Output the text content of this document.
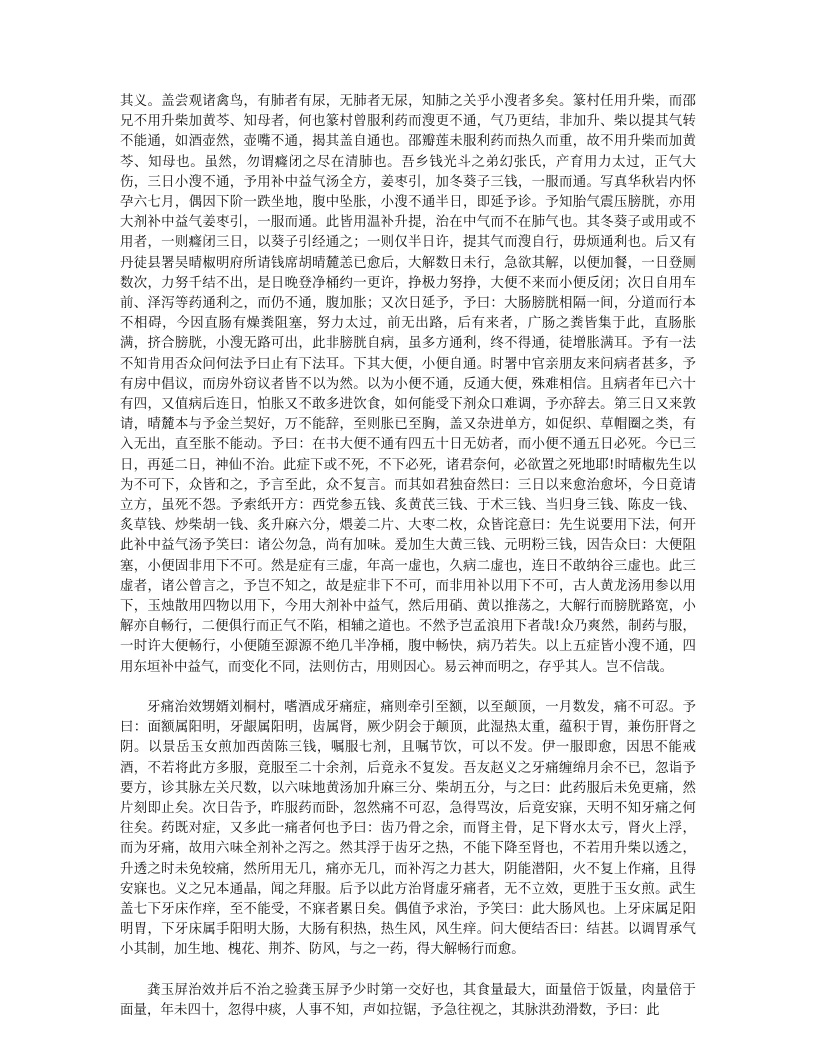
其义。盖尝观诸禽鸟，有肺者有尿，无肺者无尿，知肺之关乎小溲者多矣。篆村任用升柴，而邵兄不用升柴加黄芩、知母者，何也篆村曾服利药而溲更不通，气乃更结，非加升、柴以提其气转不能通，如酒壶然，壶嘴不通，揭其盖自通也。邵瓣莲未服利药而热久而重，故不用升柴而加黄芩、知母也。虽然，勿谓癃闭之尽在清肺也。吾乡钱光斗之弟幻张氏，产育用力太过，正气大伤，三日小溲不通，予用补中益气汤全方，姜枣引，加冬葵子三钱，一服而通。写真华秋岩内怀孕六七月，偶因下阶一跌坐地，腹中坠胀，小溲不通半日，即延予诊。予知胎气震压膀胱，亦用大剂补中益气姜枣引，一服而通。此皆用温补升提，治在中气而不在肺气也。其冬葵子或用或不用者，一则癃闭三日，以葵子引经通之；一则仅半日许，提其气而溲自行，毋烦通利也。后又有丹徒县署吴晴椒明府所请钱席胡晴麓恙已愈后，大解数日未行，急欲其解，以便加餐，一日登厕数次，力努千结不出，是日晚登净桶约一更许，挣极力努挣，大便不来而小便反闭；次日自用车前、泽泻等药通利之，而仍不通，腹加胀；又次日延予，予曰：大肠膀胱相隔一间，分道而行本不相碍，今因直肠有燥粪阻塞，努力太过，前无出路，后有来者，广肠之粪皆集于此，直肠胀满，挤合膀胱，小溲无路可出，此非膀胱自病，虽多方通利，终不得通，徒增胀满耳。予有一法不知肯用否众问何法予曰止有下法耳。下其大便，小便自通。时署中官亲朋友来问病者甚多，予有房中倡议，而房外窃议者皆不以为然。以为小便不通，反通大便，殊难相信。且病者年已六十有四，又值病后连日，怕胀又不敢多进饮食，如何能受下剂众口难调，予亦辞去。第三日又来敦请，晴麓本与予金兰契好，万不能辞，至则胀已至胸，盖又杂进单方，如促织、草帽圈之类，有入无出，直至胀不能动。予曰：在书大便不通有四五十日无妨者，而小便不通五日必死。今已三日，再延二日，神仙不治。此症下或不死，不下必死，诸君奈何，必欲置之死地耶!时晴椒先生以为不可下，众皆和之，予言至此，众不复言。而其如君独奋然曰：三日以来愈治愈坏，今日竟请立方，虽死不怨。予索纸开方：西党参五钱、炙黄芪三钱、于术三钱、当归身三钱、陈皮一钱、炙草钱、炒柴胡一钱、炙升麻六分，煨姜二片、大枣二枚，众皆诧意曰：先生说要用下法，何开此补中益气汤予笑曰：诸公勿急，尚有加味。爰加生大黄三钱、元明粉三钱，因告众曰：大便阻塞，小便固非用下不可。然是症有三虚，年高一虚也，久病二虚也，连日不敢纳谷三虚也。此三虚者，诸公曾言之，予岂不知之，故是症非下不可，而非用补以用下不可，古人黄龙汤用参以用下，玉烛散用四物以用下，今用大剂补中益气，然后用硝、黄以推荡之，大解行而膀胱路宽，小解亦自畅行，二便俱行而正气不陷，相辅之道也。不然予岂孟浪用下者哉!众乃爽然，制药与服，一时许大便畅行，小便随至源源不绝几半净桶，腹中畅快，病乃若失。以上五症皆小溲不通，四用东垣补中益气，而变化不同，法则仿古，用则因心。易云神而明之，存乎其人。岂不信哉。

牙痛治效甥婿刘桐村，嗜酒成牙痛症，痛则牵引至额，以至颠顶，一月数发，痛不可忍。予曰：面额属阳明，牙龈属阳明，齿属肾，厥少阴会于颠顶，此湿热太重，蕴积于胃，兼伤肝肾之阴。以景岳玉女煎加西茵陈三钱，嘱服七剂，且嘱节饮，可以不发。伊一服即愈，因思不能戒酒，不若将此方多服，竟服至二十余剂，后竟永不复发。吾友赵义之牙痛缠绵月余不已，忽诣予要方，诊其脉左关尺数，以六味地黄汤加升麻三分、柴胡五分，与之曰：此药服后未免更痛，然片刻即止矣。次日告予，昨服药而卧，忽然痛不可忍，急得骂汝，后竟安寐，天明不知牙痛之何往矣。药既对症，又多此一痛者何也予曰：齿乃骨之余，而肾主骨，足下肾水太亏，肾火上浮，而为牙痛，故用六味全剂补之泻之。然其浮于齿牙之热，不能下降至肾也，不若用升柴以透之，升透之时未免较痛，然所用无几，痛亦无几，而补泻之力甚大，阴能潜阳，火不复上作痛，且得安寐也。义之兄本通晶，闻之拜服。后予以此方治肾虚牙痛者，无不立效，更胜于玉女煎。武生盖七下牙床作痒，至不能受，不寐者累日矣。偶值予求治，予笑曰：此大肠风也。上牙床属足阳明胃，下牙床属手阳明大肠，大肠有积热，热生风，风生痒。问大便结否曰：结甚。以调胃承气小其制，加生地、槐花、荆芥、防风，与之一药，得大解畅行而愈。

龚玉屏治效并后不治之验龚玉屏予少时第一交好也，其食量最大，面量倍于饭量，肉量倍于面量，年未四十，忽得中痰，人事不知，声如拉锯，予急往视之，其脉洪劲滑数，予曰：此
